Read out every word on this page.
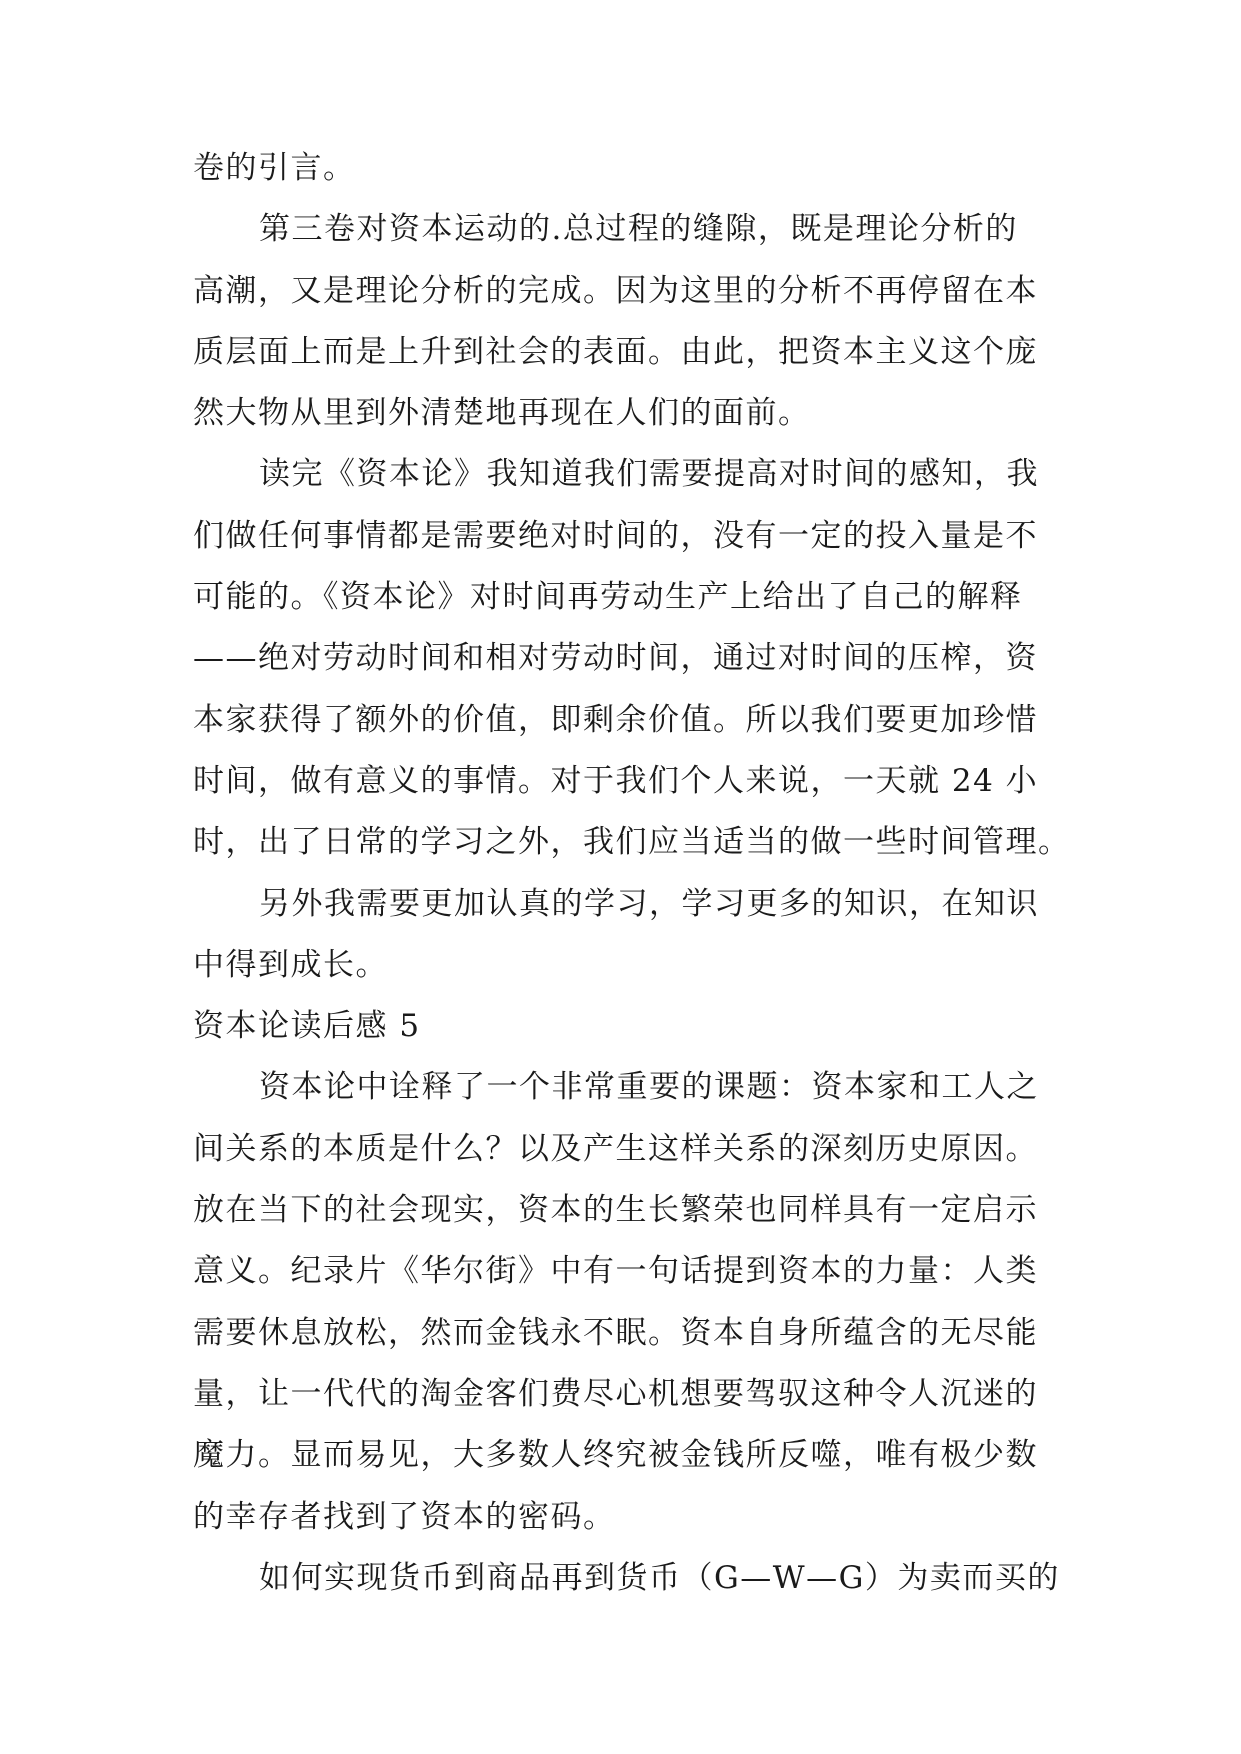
卷的引言。

第三卷对资本运动的.总过程的缝隙，既是理论分析的
高潮，又是理论分析的完成。因为这里的分析不再停留在本
质层面上而是上升到社会的表面。由此，把资本主义这个庞
然大物从里到外清楚地再现在人们的面前。

读完《资本论》我知道我们需要提高对时间的感知，我
们做任何事情都是需要绝对时间的，没有一定的投入量是不
可能的。《资本论》对时间再劳动生产上给出了自己的解释
——绝对劳动时间和相对劳动时间，通过对时间的压榨，资
本家获得了额外的价值，即剩余价值。所以我们要更加珍惜
时间，做有意义的事情。对于我们个人来说，一天就 24 小
时，出了日常的学习之外，我们应当适当的做一些时间管理。

另外我需要更加认真的学习，学习更多的知识，在知识
中得到成长。

资本论读后感 5

资本论中诠释了一个非常重要的课题：资本家和工人之
间关系的本质是什么？以及产生这样关系的深刻历史原因。
放在当下的社会现实，资本的生长繁荣也同样具有一定启示
意义。纪录片《华尔街》中有一句话提到资本的力量：人类
需要休息放松，然而金钱永不眠。资本自身所蕴含的无尽能
量，让一代代的淘金客们费尽心机想要驾驭这种令人沉迷的
魔力。显而易见，大多数人终究被金钱所反噬，唯有极少数
的幸存者找到了资本的密码。

如何实现货币到商品再到货币（G—W—G）为卖而买的
